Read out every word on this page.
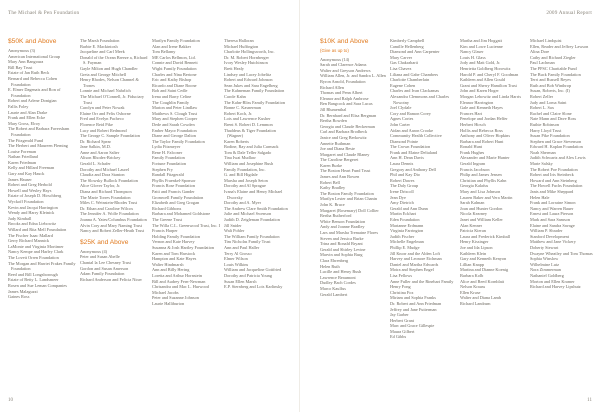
The Michael & Pen Foundation
$50K and Above

Anonymous (3)

American International Group

Mary Ann Bangoura

Bill Bay Trust

Estate of Jan Ruth Beck

Bernard and Rebecca Cohen Foundation

E. Elmer Dagenais and Ron of Foundation

Robert and Arlene Donigian

Fallis Foley

Laurie and Alan Drake

Frank and Ellen Ecke

Mary Gross, Elroy

The Robert and Barbara Faversham Foundation

The Fitzgerald Fund

The Herbert and Maureen Fleming

Louise Foreman

Nathan Friedland

Karen Friedman

Kelly and Hillard Freeman

Gary and Kay Hauck

James Hauser

Robert and Greg Herbold

Howell and Wesley Hays

Estate of Joseph D. Hirschberg

Wyckoff Foundation

Kevin and Jacqui Harrington

Wendy and Harry Kleinick

Judy Kimball

Brooks and Edna Liebowitz

Willard and Rita Mell Foundation

The Fischer Isaac Mallard

Gerry Richard Mannick

LaMonte and Virginia Mortimer

Nancy Kempe and Harley Clark

The Lovett Orren Foundation

The Morgan and Harriet Frakes Family Foundation

Reed and Bill Longsborough

Estate of Betty L. Landsmeer

Rosen and Sue Leman Companies

James Malaguzzi

Gaines Ross

The Marsh Foundation

Barbie E. Mackintosh

Jacqueline and Carl Meek

Donald of the Ocean Breeze a, Richard S. Fayman

Gayle Milton and Hugh Chandler

Greta and George Mitchell

Henry Rhodes, Nelson Channel & Trones

Lonnie and Michael Nahrlich

The Michael O'Connell, Jr. Fiduciary Trust

Carolyn and Peter Nowak

Elaine Orr and Felix Osborne

Fred and Evelyn Pacheco

Florence Reid Pike

Lucy and Robert Redmond

The George C. Sample Foundation

Dr. Richard Spear

Jane Salkin, M.D.

Anne and Aaron Salter

Alison Rhodes-Brickey

Gerald L. Schafer

Dorothy and Michael Laurel

Claudia and Dora Stanton

The Slowsky Bullock Foundation

Alice Glover Taylor, Jr.

Diana and Richard Thompson

The Marie Torres Foundation

Miles C. Weinstein-Rhodes Trust

Dr. Ethan and Caroline Wilcox

The Jennifer A. Wolfe Foundation

Joanna A. Yates/Columbus Foundation

Alvin Cory and Mary Naming Trust

Nancy and Robert Zeller-Heath Trust

$25K and Above

Anonymous (4)

Peter and Susan Abelle

Chantal la Lee Chesney Trust

Gordon and Susan Amerson

Adam Family Foundation

Richard Anderson and Felicia Nirav

Marilyn Family Foundation

Alan and Irene Bakker

Tom Bellamy

ME Carlos Bellmon, Ltd.

Connie and David Bennett

Wight Family Foundation

Charles and Nina Bertone

Eric and Kathy Bishop

Ricardo and Diane Boone

Bob and Saint Cedle

Irena and Barry Celine

The Coughlin Family

Marion and Peter Lindlaw

Matthews S. Clough Trust

Mary and Stephen Cooper

Dede and Sarah Cowden

Ember Mayor Foundation

Diane and George Dalton

The Taylor Family Foundation

Lydia Fitzmeyer

Rene H. Falconer

Family Foundation

Fortune Foundation

Stephen Fry

Randall Fitzgerald

Phyllis Fraenkel-Sponsor

Francis Rose Foundation

Patti and Francis Gander

Gromwell Family Foundation

Elizabeth and Greg Grogan

Richard Gibbons

Barbara and Mohamed Goldstone

The Greene Trust

The Willa C.L. Greenwood Trust, Inc. I

Francis Harper

Holding Family Foundation

Vernon and Kate Harvey

Susanna & Josh Hartley Foundation

Karen and Tom Harstock

Hampton and Kate Hayes

Walter Hindmarsh

Ann and Billy Hering

Loretta and Arthur Hornstein

Bill and Audrey Fern-Newman

Chrisandra and Mac L. Hurwood

Michael Jacobs

Peter and Suzanne Johnson

Laurie Halliburton

Theresa Halloran

Michael Huffington

Charlotte Hollingsworth, Inc.

Dr. M. Robert Hornberger

Ivory Wesley Hutchinson

Brett Healy

Lindsey and Lacey Jobelitz

Robert and Edward Johnson

Sean Jukes and Sara Engelberg

The Kahneman Family Foundation

Carole Kahn

The Kahn-Bliss Family Foundation

Bonne C. Kasnerman

Robert Koch, Jr.

Lois and Lawrence Kusher

Brent S. Robert D. Lemmon

Thaddeus & Tiger Foundation (Wagner)

Karen Roberts

Bodine, Ray and Julia Carmack

Tom & Dale Teller Salgado

Tina Iwai Mudlaw

William and Josephine Bush

Family Foundation, Inc.

G. and Bill Higdale

Marsha and Joseph Seton

Dorothy and Al Sprague

Ivana's Elaine and Henry Michael Dworsky

Dorothy and A. Myer

The Andrew Clare Smith Foundation

Julie and Michael Swenson

Judith D. Zeigleman Foundation

Jill Snider

Walt Pohler

The William Family Foundation

Tim Nicholas Family Trust

Ann and Paul Haller

Terry Al Grosso

Elmer Wilson

Louis Wilkins

William and Jacqueline Gottfried

Dorothy and Patricia Young

Susan Ellen Marsh

E.P. Sternberg and Lois Karlinsky

10
2009 Annual Report
$10K and Above
(Give as up to)

Anonymous (14)

Sarah and Clarence Adams

Walter and Greyson Andrews

William Allen, Jr. and Sandra L. Allen

Byron Arnold, Foundation

Richard Allen

Thomas and Penn Albert

Eleanor and Ralph Ambrose

Ben Bangcock and Sara Lucas

Jill Blumenthal

Dr. Bernhard and Elisa Bergman

Bertha Bowden

Georgia and Claude Beckerman

Carl and Barbara Brodbeck

Janice and Greg Berkowitz

Annette Ruthman

Joe and Diana Beste

Margaret and Claude Blaney

The Caroline Bergeret

Karen Burke

The Boston Heart Fund Trust

James and Ann Bowen

Robert Bell

Kathy Bradley

The Boston Family Foundation

Marilyn Lester and Brian Chanin

John K. Bruce

Margaret (Rosemary) Doll Collier

Bertha Rutherford

White Benson Foundation

Andy and Joanne Bradley

Lars and Marsha Tremaine Flores

Steven and Jessica Burke

Trina and Ronald Bryant

Gerald and Shirley Levine

Marvin and Sophia Burg

Clara Ehrenberg

Helen Ruth

Lucille and Henry Bush

Lawrence Beaumont

Dudley Bach Cordes

Marco Kaulfus

Gerald Lambert

Kimberly Campbell

Camille Hellenberg

Diamond and Ann Carpenter

Mary Carver

Gas Chakrabarti

Lisa Chavez

Liliana and Gabe Chambers

Charlotte Chamberlain

Eugene Cohen

Charles and Ivan Clackamas

Alexandra Clemmons and Charles Nowotny

Joel Clydale

Cory and Ramon Corey

Agnes Cortes

John Carter

Aidan and Aaron Crooke

Community Health Collective

Diamond Pointe

The Crown Foundation

Frank and Elaine Deltaland

Ann H. Dean Davis

Laura Dennis

Gregory and Anthony Dell

Phil and Kay Dio

Robert Dawes

The Daly Group

Irene Driscoll

Jean Dye

Amy Dietrich

Gerald and Ann Dunn

Martin Eckhart

Eden Foundation

Marianne Erdmann

Virginia Farrington

Judith Fischer

Michelle Engelman

Phillip E. Mudge

Jill Knorr and the Alden Loft

Harvey and Leonore Eichman

Daniel and Martha Edwards

Moira and Stephen Engel

Lisa Fellows

Anne Fuller and the Rinehart Family

Henry Fong

Christina Fox

Miriam and Sophia Franks

Dr. Robert and Ann Friedman

Jeffrey and Jane Futterman

Jay Garber

Herbert Grant

Marc and Grace Gillespie

Maura Gilbert

Ed Gibbs

Martha and Jim Hoggatt

Kim and Lowe Lucienne

Nancy Glaser

Louis H. Glass

Jody and Matt Gold, Jr.

Henrietta Goldberg Horowitz

Harold P. and Cheryl F. Goodman

Kathleen and Allen Gould

Grant and Sherry Hamilton Trust

John and Karen Hoger

Morgan Lebowitz and Linda Harris

Eleanor Harrington

Gale and Kenneth Hayes

Frances Hart

Penelope and Jordan Helfer

Herbert Hirsch

Hollis and Rebecca Ross

Anthony and Oliver Hopkins

Barbara and Robert Hunt

Ronald Hunt

Frank Hughes

Alexander and Marie Hunter

Gerald Ingram

Francis Jacobson

Philip and James Jensen

Christian and Phyllis Kahn

Georgia Kalafus

Mary and Lisa Johnson

Lauren Baker and Vera Martin

Sarah Kalman

Joan and Hunter Gordon

Nicola Kearney

Janet and William Keller

Alan Kenner

Patricia Kieran

Laura and Frederick Kimball

Henry Kissinger

Joe and Ida Lipson

Kathleen Klein

Gary and Kenneth Kenyon

Lillian Knapp

Martina and Dianne Koenig

Barbara Kolb

Alice and Reed Kornblatt

Nelson Krauss

Ellen Kruse

Walter and Diana Lamb

Richard Landrum

Michael Lindquist

Ellen, Reader and Jeffrey Lawson

Alina Dore

Cathy and Richard Ziegler

Paul Lachman

The PPSC Charitable Fund

The Buck Family Foundation

Terri and Russell Reyes

Ruth and Bob Winthrop

Susan, Roberts, Inc. (I)

Robert Zeller

Judy and Loma Saint

Robert L. Sax

Rachel and Claire Slone

Nate Mann and Dave Ross

Ruthie Robinson

Harry Lloyd Trust

Susan Pike Foundation

Stephen and Grace Stevenson

Edward H. Kaplan Foundation

Noah Sherman

Judith Schwartz and Alex Lewis

Marie Salsky

The Robert Poe Foundation

Robert and Iris Steinbeck

Howard and Ann Steinberg

The Howell Fuchs Foundation

Janis and Mike Sheppard

Helen Hale

Frank and Lorraine Simon

Nancy and Warren Bauer

Ernest and Laura Pierson

Mark and Sara Samson

Elaine and Sandra Savage

William P. Shrader

Stanford Development

Matthew and Jane Vickery

Doherty Stewart

Dwayne Wheatley and Tom Thomas

Sophia Winslow

Wilhelmine Lutz

Nora Zimmerman

Nathaniel Goldberg

Morton and Ellen Kramer

Richard and Harvey Lipshutz

11
